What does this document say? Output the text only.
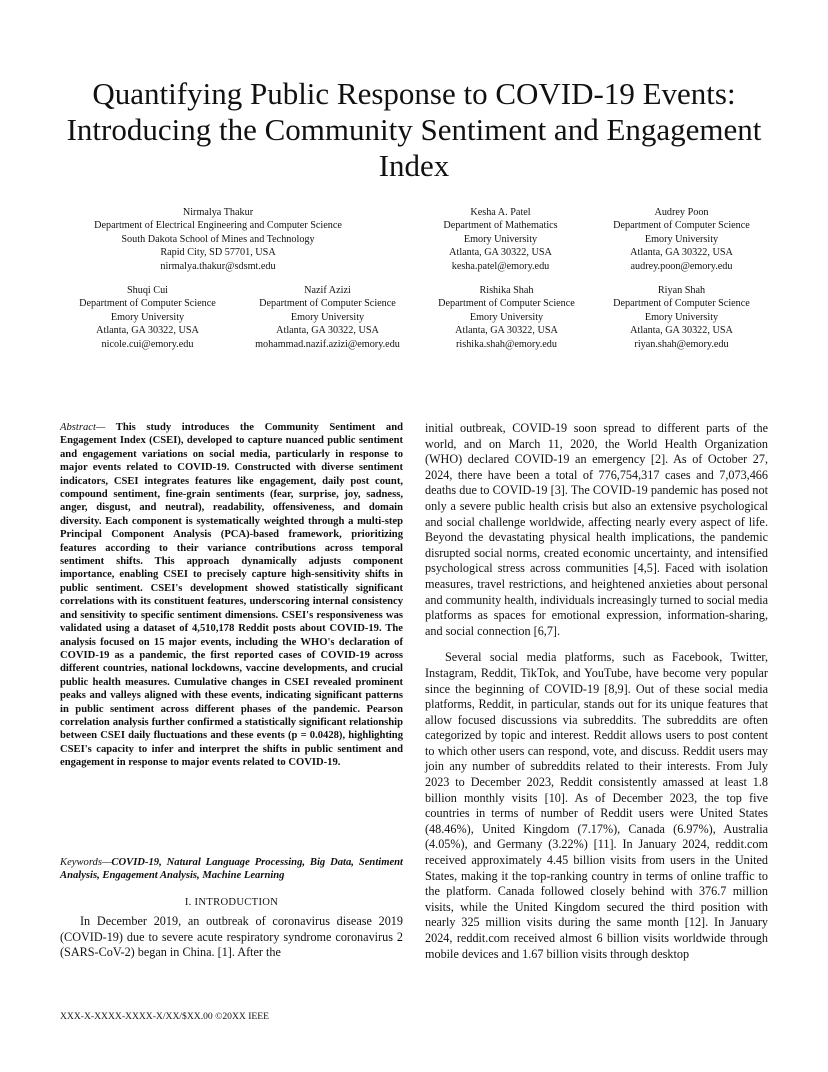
Quantifying Public Response to COVID-19 Events: Introducing the Community Sentiment and Engagement Index
Nirmalya Thakur
Department of Electrical Engineering and Computer Science
South Dakota School of Mines and Technology
Rapid City, SD 57701, USA
nirmalya.thakur@sdsmt.edu
Kesha A. Patel
Department of Mathematics
Emory University
Atlanta, GA 30322, USA
kesha.patel@emory.edu
Audrey Poon
Department of Computer Science
Emory University
Atlanta, GA 30322, USA
audrey.poon@emory.edu
Shuqi Cui
Department of Computer Science
Emory University
Atlanta, GA 30322, USA
nicole.cui@emory.edu
Nazif Azizi
Department of Computer Science
Emory University
Atlanta, GA 30322, USA
mohammad.nazif.azizi@emory.edu
Rishika Shah
Department of Computer Science
Emory University
Atlanta, GA 30322, USA
rishika.shah@emory.edu
Riyan Shah
Department of Computer Science
Emory University
Atlanta, GA 30322, USA
riyan.shah@emory.edu
Abstract— This study introduces the Community Sentiment and Engagement Index (CSEI), developed to capture nuanced public sentiment and engagement variations on social media, particularly in response to major events related to COVID-19. Constructed with diverse sentiment indicators, CSEI integrates features like engagement, daily post count, compound sentiment, fine-grain sentiments (fear, surprise, joy, sadness, anger, disgust, and neutral), readability, offensiveness, and domain diversity. Each component is systematically weighted through a multi-step Principal Component Analysis (PCA)-based framework, prioritizing features according to their variance contributions across temporal sentiment shifts. This approach dynamically adjusts component importance, enabling CSEI to precisely capture high-sensitivity shifts in public sentiment. CSEI's development showed statistically significant correlations with its constituent features, underscoring internal consistency and sensitivity to specific sentiment dimensions. CSEI's responsiveness was validated using a dataset of 4,510,178 Reddit posts about COVID-19. The analysis focused on 15 major events, including the WHO's declaration of COVID-19 as a pandemic, the first reported cases of COVID-19 across different countries, national lockdowns, vaccine developments, and crucial public health measures. Cumulative changes in CSEI revealed prominent peaks and valleys aligned with these events, indicating significant patterns in public sentiment across different phases of the pandemic. Pearson correlation analysis further confirmed a statistically significant relationship between CSEI daily fluctuations and these events (p = 0.0428), highlighting CSEI's capacity to infer and interpret the shifts in public sentiment and engagement in response to major events related to COVID-19.
Keywords—COVID-19, Natural Language Processing, Big Data, Sentiment Analysis, Engagement Analysis, Machine Learning
I. INTRODUCTION

In December 2019, an outbreak of coronavirus disease 2019 (COVID-19) due to severe acute respiratory syndrome coronavirus 2 (SARS-CoV-2) began in China. [1]. After the

initial outbreak, COVID-19 soon spread to different parts of the world, and on March 11, 2020, the World Health Organization (WHO) declared COVID-19 an emergency [2]. As of October 27, 2024, there have been a total of 776,754,317 cases and 7,073,466 deaths due to COVID-19 [3]. The COVID-19 pandemic has posed not only a severe public health crisis but also an extensive psychological and social challenge worldwide, affecting nearly every aspect of life. Beyond the devastating physical health implications, the pandemic disrupted social norms, created economic uncertainty, and intensified psychological stress across communities [4,5]. Faced with isolation measures, travel restrictions, and heightened anxieties about personal and community health, individuals increasingly turned to social media platforms as spaces for emotional expression, information-sharing, and social connection [6,7].

Several social media platforms, such as Facebook, Twitter, Instagram, Reddit, TikTok, and YouTube, have become very popular since the beginning of COVID-19 [8,9]. Out of these social media platforms, Reddit, in particular, stands out for its unique features that allow focused discussions via subreddits. The subreddits are often categorized by topic and interest. Reddit allows users to post content to which other users can respond, vote, and discuss. Reddit users may join any number of subreddits related to their interests. From July 2023 to December 2023, Reddit consistently amassed at least 1.8 billion monthly visits [10]. As of December 2023, the top five countries in terms of number of Reddit users were United States (48.46%), United Kingdom (7.17%), Canada (6.97%), Australia (4.05%), and Germany (3.22%) [11]. In January 2024, reddit.com received approximately 4.45 billion visits from users in the United States, making it the top-ranking country in terms of online traffic to the platform. Canada followed closely behind with 376.7 million visits, while the United Kingdom secured the third position with nearly 325 million visits during the same month [12]. In January 2024, reddit.com received almost 6 billion visits worldwide through mobile devices and 1.67 billion visits through desktop

XXX-X-XXXX-XXXX-X/XX/$XX.00 ©20XX IEEE
